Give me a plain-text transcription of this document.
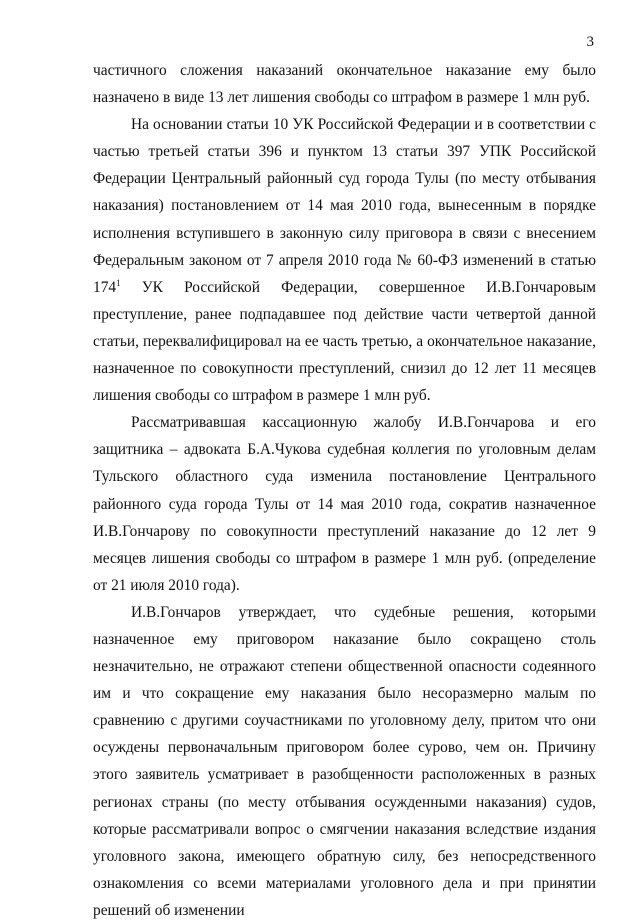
3

частичного сложения наказаний окончательное наказание ему было назначено в виде 13 лет лишения свободы со штрафом в размере 1 млн руб.

На основании статьи 10 УК Российской Федерации и в соответствии с частью третьей статьи 396 и пунктом 13 статьи 397 УПК Российской Федерации Центральный районный суд города Тулы (по месту отбывания наказания) постановлением от 14 мая 2010 года, вынесенным в порядке исполнения вступившего в законную силу приговора в связи с внесением Федеральным законом от 7 апреля 2010 года № 60-ФЗ изменений в статью $174^1$ УК Российской Федерации, совершенное И.В.Гончаровым преступление, ранее подпадавшее под действие части четвертой данной статьи, переквалифицировал на ее часть третью, а окончательное наказание, назначенное по совокупности преступлений, снизил до 12 лет 11 месяцев лишения свободы со штрафом в размере 1 млн руб.

Рассматривавшая кассационную жалобу И.В.Гончарова и его защитника – адвоката Б.А.Чукова судебная коллегия по уголовным делам Тульского областного суда изменила постановление Центрального районного суда города Тулы от 14 мая 2010 года, сократив назначенное И.В.Гончарову по совокупности преступлений наказание до 12 лет 9 месяцев лишения свободы со штрафом в размере 1 млн руб. (определение от 21 июля 2010 года).

И.В.Гончаров утверждает, что судебные решения, которыми назначенное ему приговором наказание было сокращено столь незначительно, не отражают степени общественной опасности содеянного им и что сокращение ему наказания было несоразмерно малым по сравнению с другими соучастниками по уголовному делу, притом что они осуждены первоначальным приговором более сурово, чем он. Причину этого заявитель усматривает в разобщенности расположенных в разных регионах страны (по месту отбывания осужденными наказания) судов, которые рассматривали вопрос о смягчении наказания вследствие издания уголовного закона, имеющего обратную силу, без непосредственного ознакомления со всеми материалами уголовного дела и при принятии решений об изменении
